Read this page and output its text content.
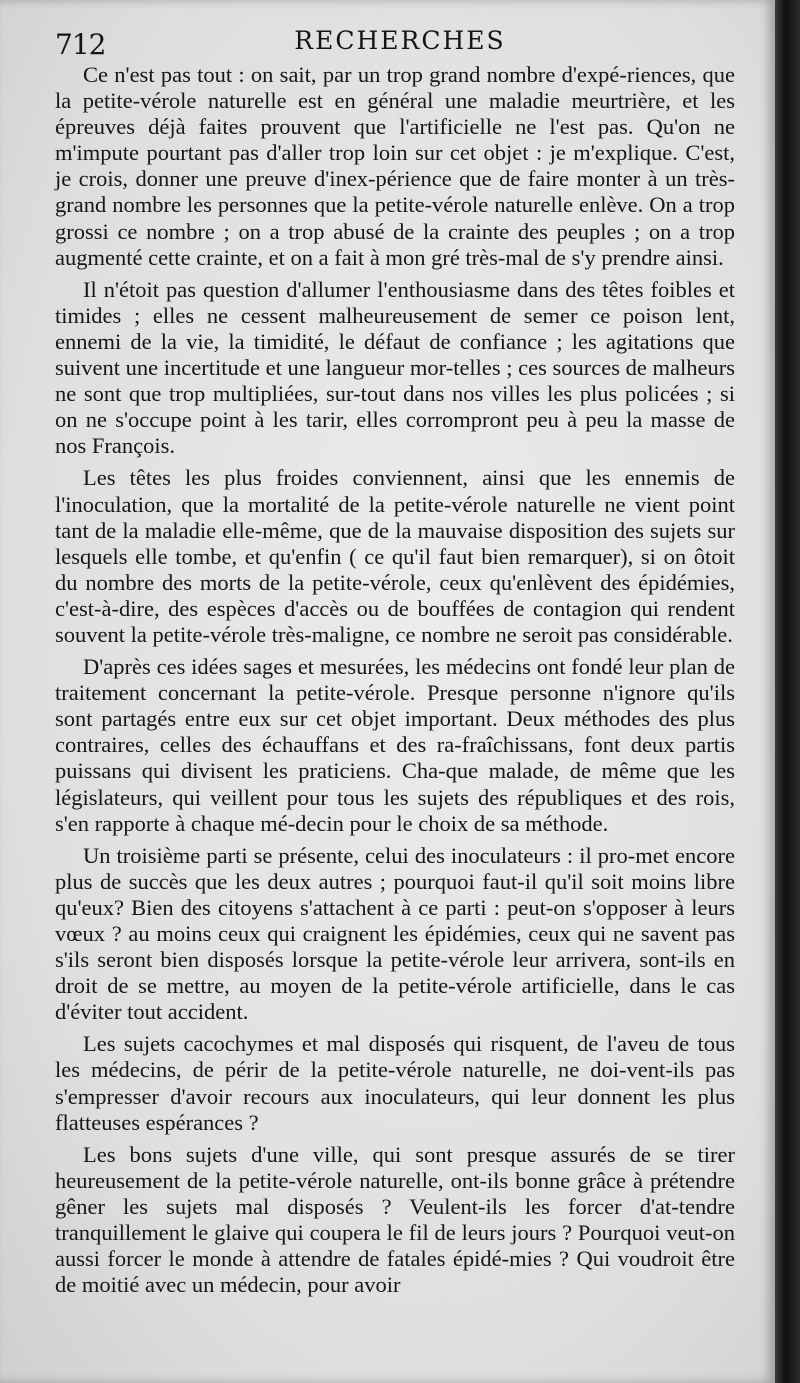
712	RECHERCHES

Ce n'est pas tout : on sait, par un trop grand nombre d'expé-riences, que la petite-vérole naturelle est en général une maladie meurtrière, et les épreuves déjà faites prouvent que l'artificielle ne l'est pas. Qu'on ne m'impute pourtant pas d'aller trop loin sur cet objet : je m'explique. C'est, je crois, donner une preuve d'inex-périence que de faire monter à un très-grand nombre les personnes que la petite-vérole naturelle enlève. On a trop grossi ce nombre ; on a trop abusé de la crainte des peuples ; on a trop augmenté cette crainte, et on a fait à mon gré très-mal de s'y prendre ainsi.

Il n'étoit pas question d'allumer l'enthousiasme dans des têtes foibles et timides ; elles ne cessent malheureusement de semer ce poison lent, ennemi de la vie, la timidité, le défaut de confiance ; les agitations que suivent une incertitude et une langueur mor-telles ; ces sources de malheurs ne sont que trop multipliées, sur-tout dans nos villes les plus policées ; si on ne s'occupe point à les tarir, elles corrompront peu à peu la masse de nos François.

Les têtes les plus froides conviennent, ainsi que les ennemis de l'inoculation, que la mortalité de la petite-vérole naturelle ne vient point tant de la maladie elle-même, que de la mauvaise disposition des sujets sur lesquels elle tombe, et qu'enfin ( ce qu'il faut bien remarquer), si on ôtoit du nombre des morts de la petite-vérole, ceux qu'enlèvent des épidémies, c'est-à-dire, des espèces d'accès ou de bouffées de contagion qui rendent souvent la petite-vérole très-maligne, ce nombre ne seroit pas considérable.

D'après ces idées sages et mesurées, les médecins ont fondé leur plan de traitement concernant la petite-vérole. Presque personne n'ignore qu'ils sont partagés entre eux sur cet objet important. Deux méthodes des plus contraires, celles des échauffans et des ra-fraîchissans, font deux partis puissans qui divisent les praticiens. Cha-que malade, de même que les législateurs, qui veillent pour tous les sujets des républiques et des rois, s'en rapporte à chaque mé-decin pour le choix de sa méthode.

Un troisième parti se présente, celui des inoculateurs : il pro-met encore plus de succès que les deux autres ; pourquoi faut-il qu'il soit moins libre qu'eux? Bien des citoyens s'attachent à ce parti : peut-on s'opposer à leurs vœux ? au moins ceux qui craignent les épidémies, ceux qui ne savent pas s'ils seront bien disposés lorsque la petite-vérole leur arrivera, sont-ils en droit de se mettre, au moyen de la petite-vérole artificielle, dans le cas d'éviter tout accident.

Les sujets cacochymes et mal disposés qui risquent, de l'aveu de tous les médecins, de périr de la petite-vérole naturelle, ne doi-vent-ils pas s'empresser d'avoir recours aux inoculateurs, qui leur donnent les plus flatteuses espérances ?

Les bons sujets d'une ville, qui sont presque assurés de se tirer heureusement de la petite-vérole naturelle, ont-ils bonne grâce à prétendre gêner les sujets mal disposés ? Veulent-ils les forcer d'at-tendre tranquillement le glaive qui coupera le fil de leurs jours ? Pourquoi veut-on aussi forcer le monde à attendre de fatales épidé-mies ? Qui voudroit être de moitié avec un médecin, pour avoir
